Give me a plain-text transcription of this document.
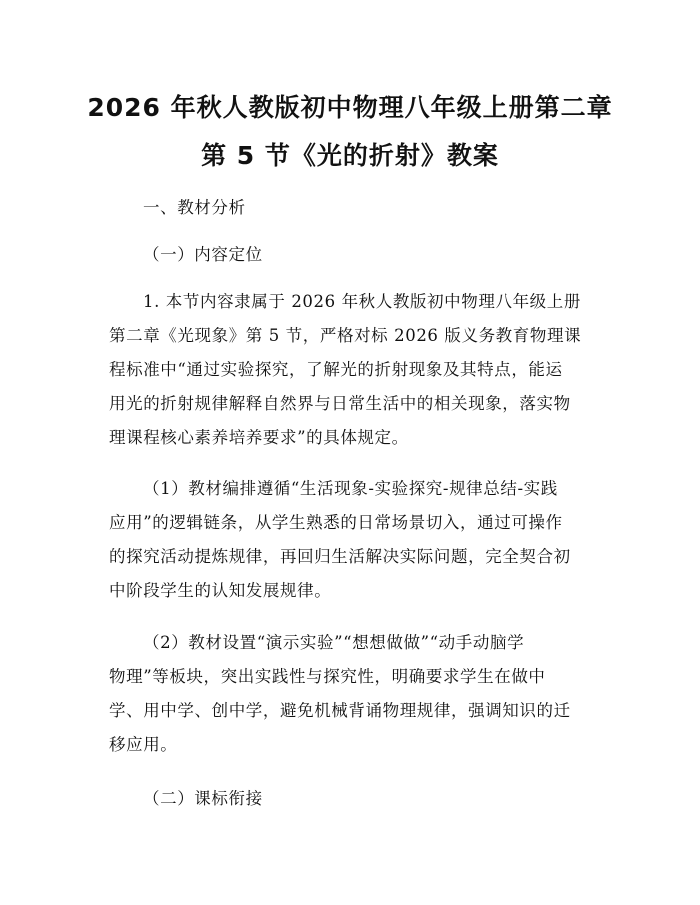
2026 年秋人教版初中物理八年级上册第二章
第 5 节《光的折射》教案
一、教材分析
（一）内容定位
1. 本节内容隶属于 2026 年秋人教版初中物理八年级上册
第二章《光现象》第 5 节，严格对标 2026 版义务教育物理课
程标准中“通过实验探究，了解光的折射现象及其特点，能运
用光的折射规律解释自然界与日常生活中的相关现象，落实物
理课程核心素养培养要求”的具体规定。
（1）教材编排遵循“生活现象-实验探究-规律总结-实践
应用”的逻辑链条，从学生熟悉的日常场景切入，通过可操作
的探究活动提炼规律，再回归生活解决实际问题，完全契合初
中阶段学生的认知发展规律。
（2）教材设置“演示实验”“想想做做”“动手动脑学
物理”等板块，突出实践性与探究性，明确要求学生在做中
学、用中学、创中学，避免机械背诵物理规律，强调知识的迁
移应用。
（二）课标衔接
